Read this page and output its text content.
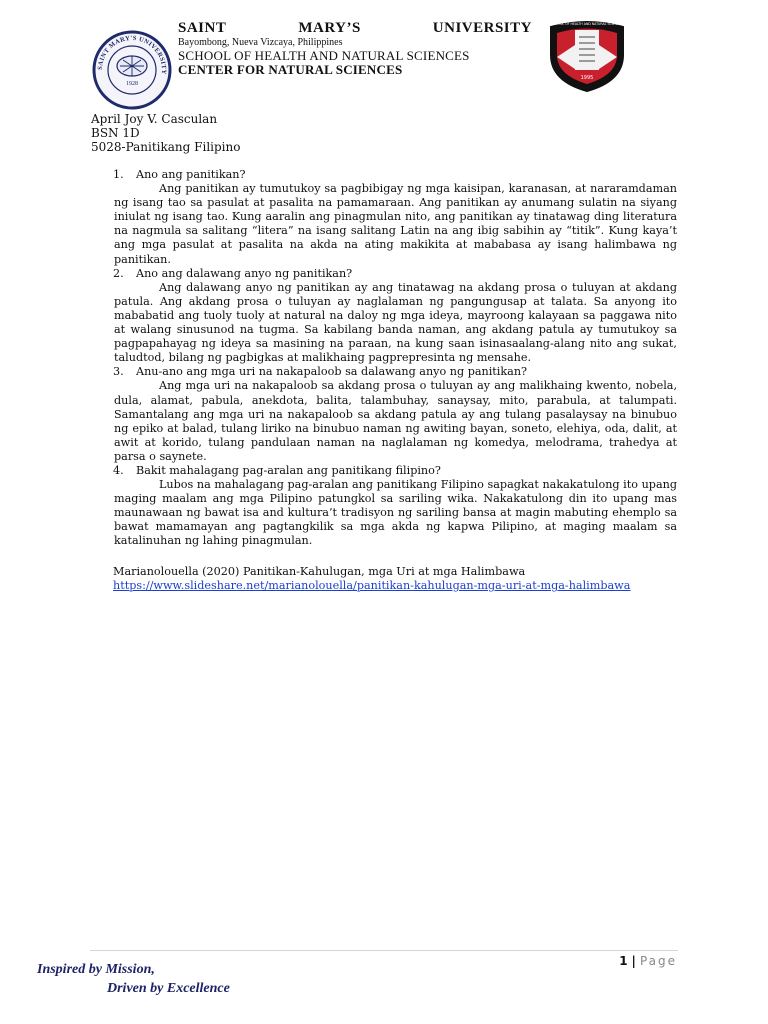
SAINT MARY'S UNIVERSITY
1928
SAINT	MARY’S	UNIVERSITY
Bayombong, Nueva Vizcaya, Philippines
SCHOOL OF HEALTH AND NATURAL SCIENCES
CENTER FOR NATURAL SCIENCES
SCHOOL OF HEALTH AND NATURAL SCIENCES
1995
April Joy V. Casculan
BSN 1D
5028-Panitikang Filipino
1. Ano ang panitikan?
Ang panitikan ay tumutukoy sa pagbibigay ng mga kaisipan, karanasan, at nararamdaman ng isang tao sa pasulat at pasalita na pamamaraan. Ang panitikan ay anumang sulatin na siyang iniulat ng isang tao. Kung aaralin ang pinagmulan nito, ang panitikan ay tinatawag ding literatura na nagmula sa salitang “litera” na isang salitang Latin na ang ibig sabihin ay “titik”. Kung kaya’t ang mga pasulat at pasalita na akda na ating makikita at mababasa ay isang halimbawa ng panitikan.
2. Ano ang dalawang anyo ng panitikan?
Ang dalawang anyo ng panitikan ay ang tinatawag na akdang prosa o tuluyan at akdang patula. Ang akdang prosa o tuluyan ay naglalaman ng pangungusap at talata. Sa anyong ito mababatid ang tuoly tuoly at natural na daloy ng mga ideya, mayroong kalayaan sa paggawa nito at walang sinusunod na tugma. Sa kabilang banda naman, ang akdang patula ay tumutukoy sa pagpapahayag ng ideya sa masining na paraan, na kung saan isinasaalang-alang nito ang sukat, taludtod, bilang ng pagbigkas at malikhaing pagprepresinta ng mensahe.
3. Anu-ano ang mga uri na nakapaloob sa dalawang anyo ng panitikan?
Ang mga uri na nakapaloob sa akdang prosa o tuluyan ay ang malikhaing kwento, nobela, dula, alamat, pabula, anekdota, balita, talambuhay, sanaysay, mito, parabula, at talumpati. Samantalang ang mga uri na nakapaloob sa akdang patula ay ang tulang pasalaysay na binubuo ng epiko at balad, tulang liriko na binubuo naman ng awiting bayan, soneto, elehiya, oda, dalit, at awit at korido, tulang pandulaan naman na naglalaman ng komedya, melodrama, trahedya at parsa o saynete.
4. Bakit mahalagang pag-aralan ang panitikang filipino?
Lubos na mahalagang pag-aralan ang panitikang Filipino sapagkat nakakatulong ito upang maging maalam ang mga Pilipino patungkol sa sariling wika. Nakakatulong din ito upang mas maunawaan ng bawat isa and kultura’t tradisyon ng sariling bansa at magin mabuting ehemplo sa bawat mamamayan ang pagtangkilik sa mga akda ng kapwa Pilipino, at maging maalam sa katalinuhan ng lahing pinagmulan.
Marianolouella (2020) Panitikan-Kahulugan, mga Uri at mga Halimbawa
https://www.slideshare.net/marianolouella/panitikan-kahulugan-mga-uri-at-mga-halimbawa
1 | Page
Inspired by Mission,
Driven by Excellence
